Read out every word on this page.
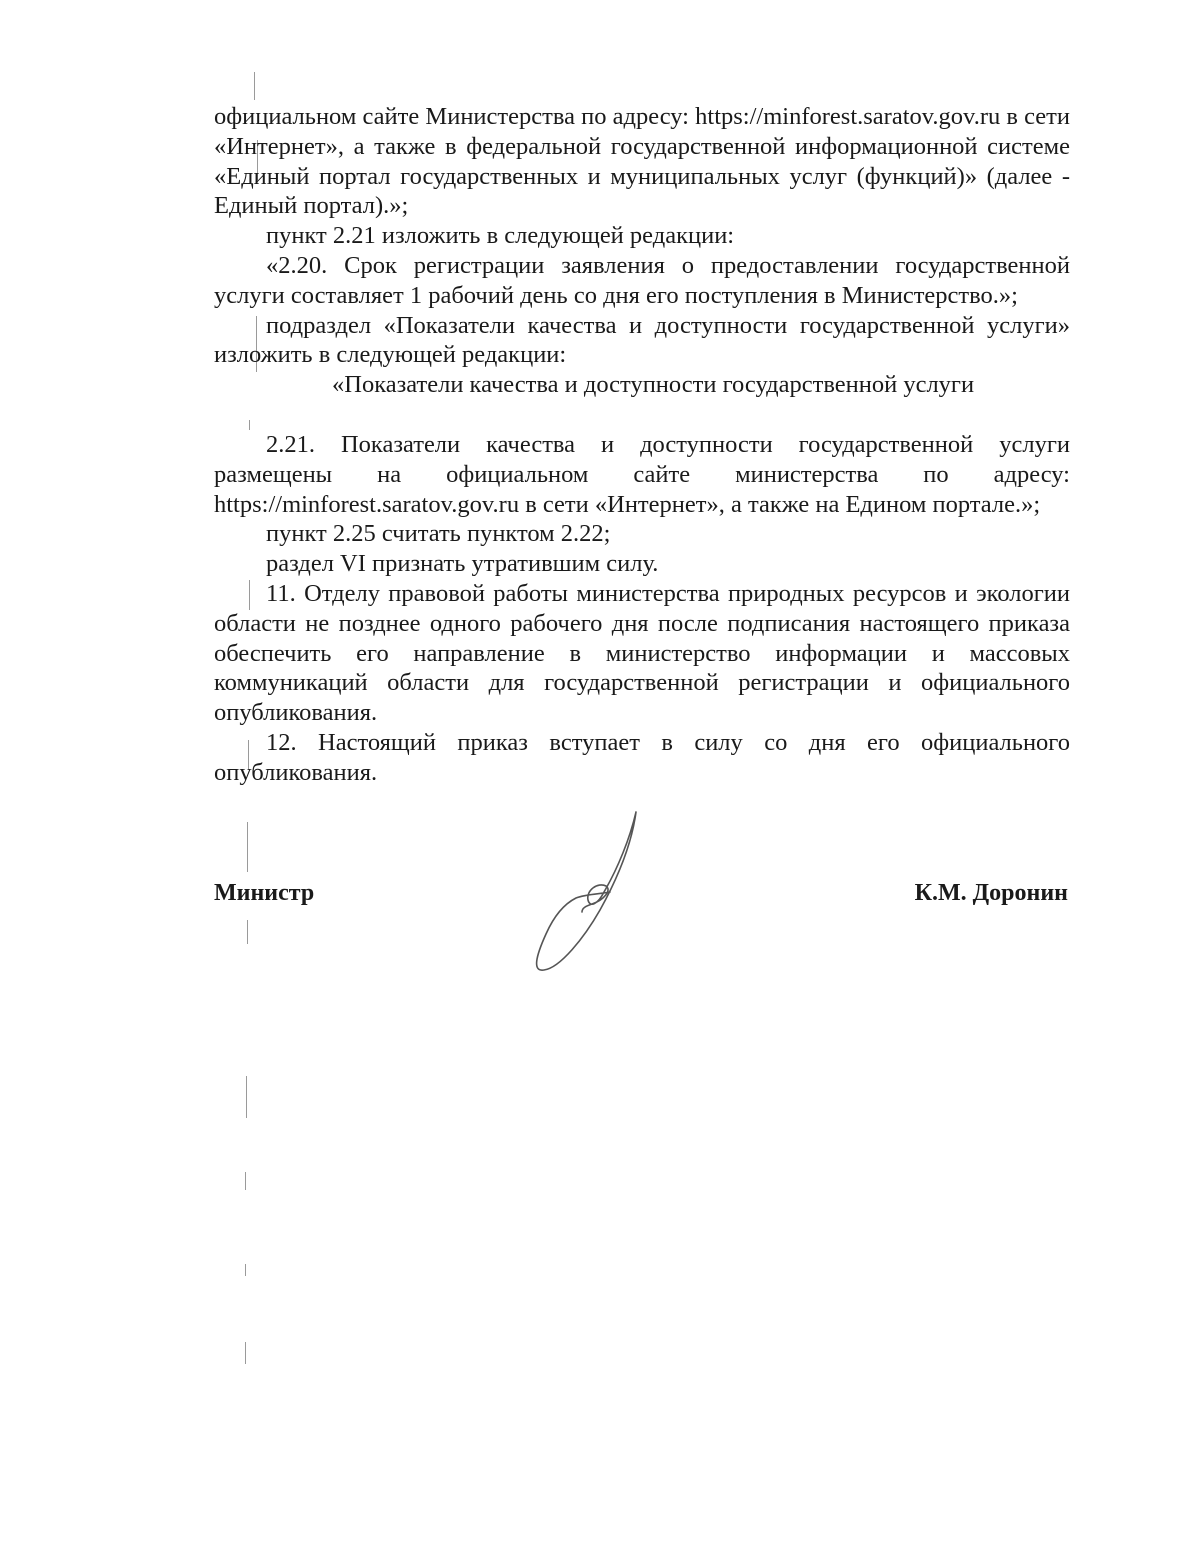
официальном сайте Министерства по адресу: https://minforest.saratov.gov.ru в сети «Интернет», а также в федеральной государственной информационной системе «Единый портал государственных и муниципальных услуг (функций)» (далее - Единый портал).»;

пункт 2.21 изложить в следующей редакции:

«2.20. Срок регистрации заявления о предоставлении государственной услуги составляет 1 рабочий день со дня его поступления в Министерство.»;

подраздел «Показатели качества и доступности государственной услуги» изложить в следующей редакции:

«Показатели качества и доступности государственной услуги

2.21. Показатели качества и доступности государственной услуги размещены на официальном сайте министерства по адресу: https://minforest.saratov.gov.ru в сети «Интернет», а также на Едином портале.»;

пункт 2.25 считать пунктом 2.22;

раздел VI признать утратившим силу.

11. Отделу правовой работы министерства природных ресурсов и экологии области не позднее одного рабочего дня после подписания настоящего приказа обеспечить его направление в министерство информации и массовых коммуникаций области для государственной регистрации и официального опубликования.

12. Настоящий приказ вступает в силу со дня его официального опубликования.

Министр	К.М. Доронин
